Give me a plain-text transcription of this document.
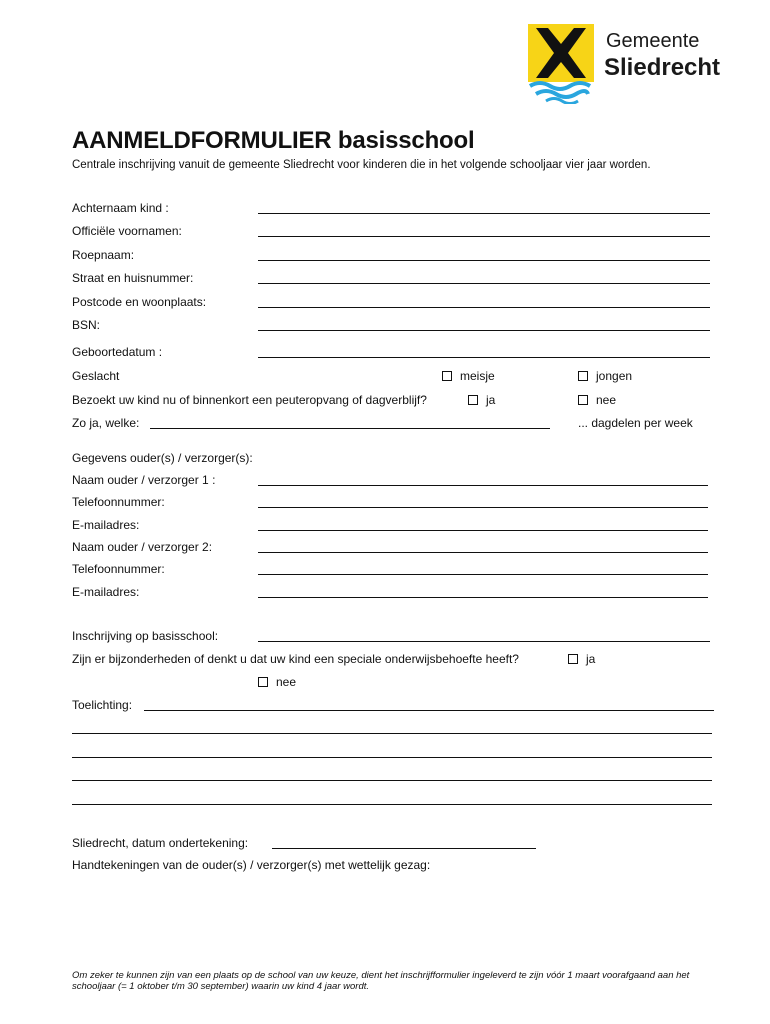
Gemeente
Sliedrecht
AANMELDFORMULIER basisschool
Centrale inschrijving vanuit de gemeente Sliedrecht voor kinderen die in het volgende schooljaar vier jaar worden.
Achternaam kind :
Officiële voornamen:
Roepnaam:
Straat en huisnummer:
Postcode en woonplaats:
BSN:
Geboortedatum :
Geslacht	meisje	jongen
Bezoekt uw kind nu of binnenkort een peuteropvang of dagverblijf?	ja	nee
Zo ja, welke:	... dagdelen per week
Gegevens ouder(s) / verzorger(s):
Naam ouder / verzorger 1 :
Telefoonnummer:
E-mailadres:
Naam ouder / verzorger 2:
Telefoonnummer:
E-mailadres:
Inschrijving op basisschool:
Zijn er bijzonderheden of denkt u dat uw kind een speciale onderwijsbehoefte heeft?	ja
nee
Toelichting:
Sliedrecht, datum ondertekening:
Handtekeningen van de ouder(s) / verzorger(s) met wettelijk gezag:
Om zeker te kunnen zijn van een plaats op de school van uw keuze, dient het inschrijfformulier ingeleverd te zijn vóór 1 maart voorafgaand aan het schooljaar (= 1 oktober t/m 30 september) waarin uw kind 4 jaar wordt.
